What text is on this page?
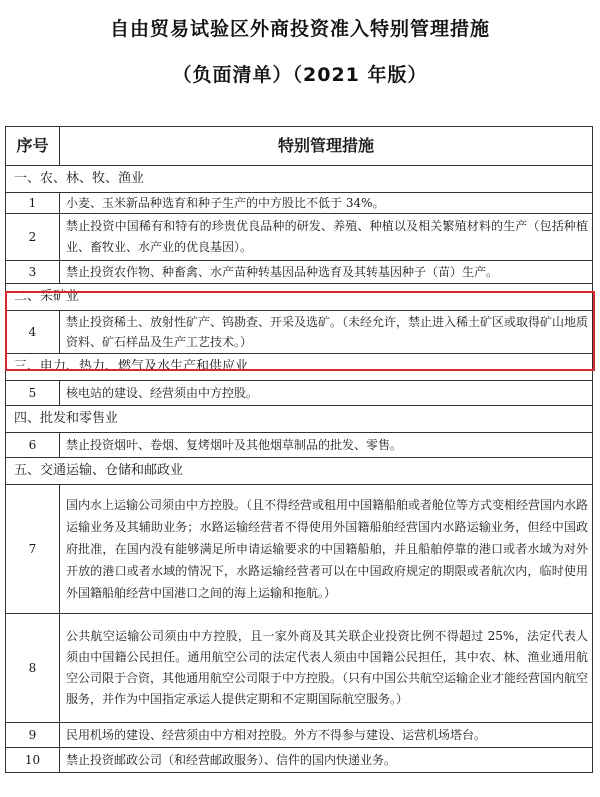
自由贸易试验区外商投资准入特别管理措施
（负面清单）（2021 年版）
序号	特别管理措施
一、农、林、牧、渔业	
1	小麦、玉米新品种选育和种子生产的中方股比不低于 34%。
2	禁止投资中国稀有和特有的珍贵优良品种的研发、养殖、种植以及相关繁殖材料的生产（包括种植业、畜牧业、水产业的优良基因）。
3	禁止投资农作物、种畜禽、水产苗种转基因品种选育及其转基因种子（苗）生产。
二、采矿业	
4	禁止投资稀土、放射性矿产、钨勘查、开采及选矿。（未经允许，禁止进入稀土矿区或取得矿山地质资料、矿石样品及生产工艺技术。）
三、电力、热力、燃气及水生产和供应业	
5	核电站的建设、经营须由中方控股。
四、批发和零售业	
6	禁止投资烟叶、卷烟、复烤烟叶及其他烟草制品的批发、零售。
五、交通运输、仓储和邮政业	
7	国内水上运输公司须由中方控股。（且不得经营或租用中国籍船舶或者舱位等方式变相经营国内水路运输业务及其辅助业务；水路运输经营者不得使用外国籍船舶经营国内水路运输业务，但经中国政府批准，在国内没有能够满足所申请运输要求的中国籍船舶，并且船舶停靠的港口或者水域为对外开放的港口或者水域的情况下，水路运输经营者可以在中国政府规定的期限或者航次内，临时使用外国籍船舶经营中国港口之间的海上运输和拖航。）
8	公共航空运输公司须由中方控股，且一家外商及其关联企业投资比例不得超过 25%，法定代表人须由中国籍公民担任。通用航空公司的法定代表人须由中国籍公民担任，其中农、林、渔业通用航空公司限于合资，其他通用航空公司限于中方控股。（只有中国公共航空运输企业才能经营国内航空服务，并作为中国指定承运人提供定期和不定期国际航空服务。）
9	民用机场的建设、经营须由中方相对控股。外方不得参与建设、运营机场塔台。
10	禁止投资邮政公司（和经营邮政服务）、信件的国内快递业务。
